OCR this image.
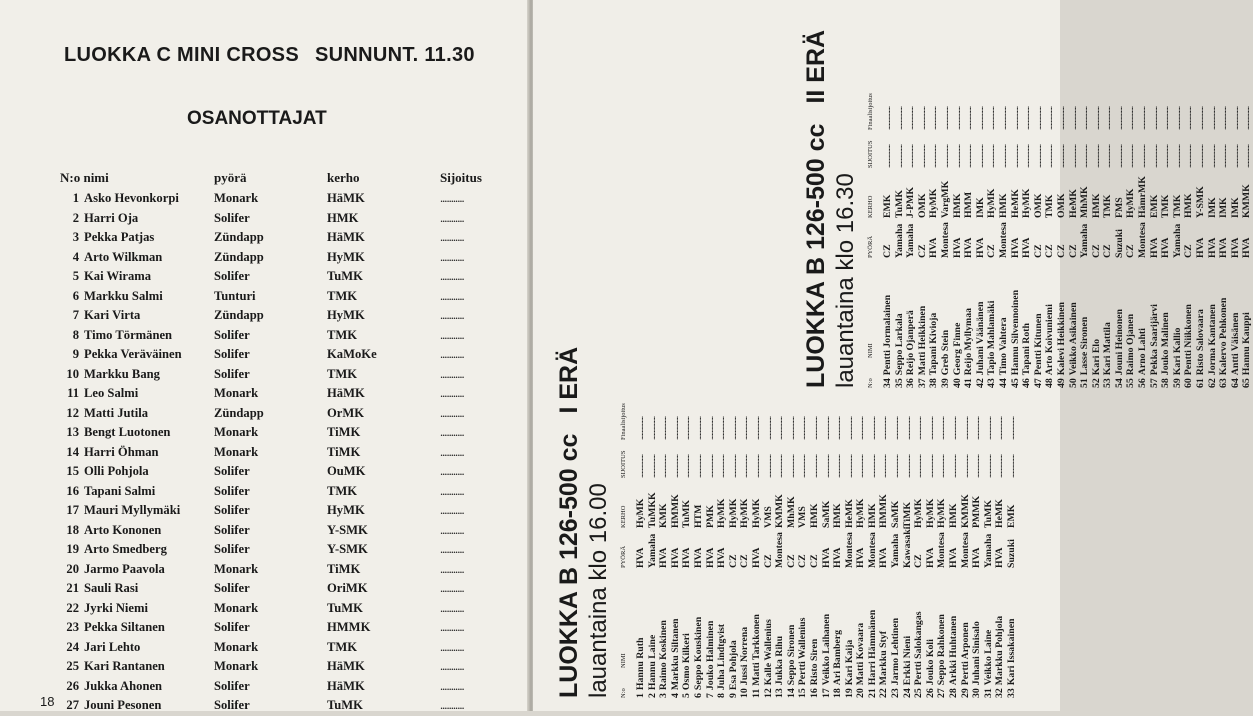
LUOKKA C MINI CROSS SUNNUNT. 11.30
OSANOTTAJAT
N:o nimi	pyörä	kerho	Sijoitus
1 Asko Hevonkorpi	Monark	HäMK	...........
2 Harri Oja	Solifer	HMK	...........
3 Pekka Patjas	Zündapp	HäMK	...........
4 Arto Wilkman	Zündapp	HyMK	...........
5 Kai Wirama	Solifer	TuMK	...........
6 Markku Salmi	Tunturi	TMK	...........
7 Kari Virta	Zündapp	HyMK	...........
8 Timo Törmänen	Solifer	TMK	...........
9 Pekka Veräväinen	Solifer	KaMoKe	...........
10 Markku Bang	Solifer	TMK	...........
11 Leo Salmi	Monark	HäMK	...........
12 Matti Jutila	Zündapp	OrMK	...........
13 Bengt Luotonen	Monark	TiMK	...........
14 Harri Öhman	Monark	TiMK	...........
15 Olli Pohjola	Solifer	OuMK	...........
16 Tapani Salmi	Solifer	TMK	...........
17 Mauri Myllymäki	Solifer	HyMK	...........
18 Arto Kononen	Solifer	Y-SMK	...........
19 Arto Smedberg	Solifer	Y-SMK	...........
20 Jarmo Paavola	Monark	TiMK	...........
21 Sauli Rasi	Solifer	OriMK	...........
22 Jyrki Niemi	Monark	TuMK	...........
23 Pekka Siltanen	Solifer	HMMK	...........
24 Jari Lehto	Monark	TMK	...........
25 Kari Rantanen	Monark	HäMK	...........
26 Jukka Ahonen	Solifer	HäMK	...........
27 Jouni Pesonen	Solifer	TuMK	...........
18
LUOKKA B 126-500 ccI ERÄ
lauantaina klo 16.00	N:o
NIMI
PYÖRÄ
KERHO
SIJOITUS
Finaalisijoitus
1Hannu Ruth
HVA
HyMK
................
................
2Hannu Laine
Yamaha
TuMKK
................
................
3Raimo Koskinen
HVA
KMK
................
................
4Markku Siltanen
HVA
HMMK
................
................
5Osmo Kilkeri
HVA
TuMK
................
................
6Seppo Kouskinen
HVA
HTM
................
................
7Jouko Halminen
HVA
PMK
................
................
8Juha Lindtgvist
HVA
HyMK
................
................
9Esa Pohjola
CZ
HyMK
................
................
10Jussi Norrena
CZ
HyMK
................
................
11Matti Tarkkonen
HVA
HyMK
................
................
12Kalle Wallenius
CZ
VMS
................
................
13Jukka Rihu
Montesa
KMMK
................
................
14Seppo Sironen
CZ
MhMK
................
................
15Pertti Wallenius
CZ
VMS
................
................
16Risto Siren
CZ
HMK
................
................
17Veikko Laihanen
HVA
SaMK
................
................
18Ari Bamberg
HVA
HMK
................
................
19Kari Kaija
Montesa
HeMK
................
................
20Matti Kovaara
HVA
HyMK
................
................
21Harri Hämmänen
Montesa
HMK
................
................
22Markku Styf
HVA
HMMK
................
................
23Jarmo Lehtinen
Yamaha
SaMK
................
................
24Erkki Nieni
Kawasaki
TiMK
................
................
25Pertti Salokangas
CZ
HyMK
................
................
26Jouko Koli
HVA
HyMK
................
................
27Seppo Rahkonen
Montesa
HyMK
................
................
28Arkki Huhtanen
HVA
HMK
................
................
29Pertti Arponen
Montesa
KMMK
................
................
30Juhani Sinisalo
HVA
PMMK
................
................
31Veikko Laine
Yamaha
TuMK
................
................
32Markku Pohjola
HVA
HeMK
................
................
33Kari Issakainen
Suzuki
EMK
................
................
LUOKKA B 126-500 ccII ERÄ
lauantaina klo 16.30	N:o
NIMI
PYÖRÄ
KERHO
SIJOITUS
Finaalisijoitus
34Pentti Jormalainen
CZ
EMK
................
................
35Seppo Larkala
Yamaha
TuMK
................
................
36Reijo Ojanperä
Yamaha
J-PMK
................
................
37Matti Heikkinen
CZ
OMK
................
................
38Tapani Kivioja
HVA
HyMK
................
................
39Greb Stein
Montesa
VargMK
................
................
40Georg Finne
HVA
HMK
................
................
41Reijo Myllymaa
HVA
HMM
................
................
42Juhani Väänänen
HVA
IMK
................
................
43Tapio Mahlamäki
CZ
HyMK
................
................
44Timo Vahtera
Montesa
HMK
................
................
45Hannu Silvennoinen
HVA
HeMK
................
................
46Tapani Roth
HVA
HyMK
................
................
47Pentti Kitunen
CZ
OMK
................
................
48Arto Koivuniemi
CZ
TMK
................
................
49Kalevi Heikkinen
CZ
OMK
................
................
50Veikko Asikainen
CZ
HeMK
................
................
51Lasse Sironen
Yamaha
MhMK
................
................
52Kari Elo
CZ
HMK
................
................
53Kari Mattila
CZ
TMK
................
................
54Jouni Heinonen
Suzuki
FMS
................
................
55Raimo Ojanen
CZ
HyMK
................
................
56Arno Lahti
Montesa
HämrMK
................
................
57Pekka Saarijärvi
HVA
EMK
................
................
58Jouko Malinen
HVA
TMK
................
................
59Kari Kallio
Yamaha
TMK
................
................
60Pentti Niikkonen
CZ
HMK
................
................
61Risto Salovaara
HVA
Y-SMK
................
................
62Jorma Kantanen
HVA
IMK
................
................
63Kalervo Pehkonen
HVA
IMK
................
................
64Antti Väisänen
HVA
IMK
................
................
65Hannu Kauppi
HVA
KMMK
................
................
